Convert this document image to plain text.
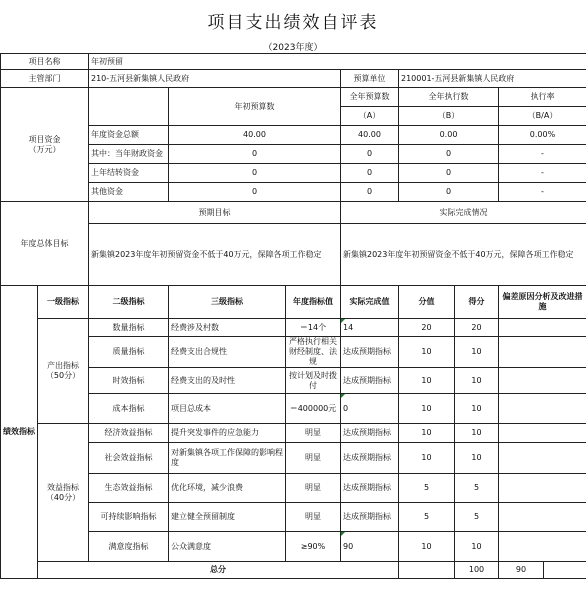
项目支出绩效自评表
（2023年度）
项目名称		年初预留							
主管部门		210-五河县新集镇人民政府			预算单位	210001-五河县新集镇人民政府			
项目资金
（万元）			年初预算数		全年预算数	全年执行数		执行率	
					（A）	（B）		（B/A）	
		年度资金总额	40.00		40.00	0.00		0.00%	
		其中：当年财政资金	0		0	0		-	
		上年结转资金	0		0	0		-	
		其他资金	0		0	0		-	
年度总体目标		预期目标			实际完成情况				
		新集镇2023年度年初预留资金不低于40万元，保障各项工作稳定			新集镇2023年度年初预留资金不低于40万元，保障各项工作稳定				
绩效指标	一级指标	二级指标	三级指标	年度指标值	实际完成值	分值	得分	偏差原因分析及改进措施	
	产出指标（50分）	数量指标	经费涉及村数	＝14个	14	20	20		
		质量指标	经费支出合规性	严格执行相关财经制度、法规	达成预期指标	10	10		
		时效指标	经费支出的及时性	按计划及时拨付	达成预期指标	10	10		
		成本指标	项目总成本	＝400000元	0	10	10		
	效益指标（40分）	经济效益指标	提升突发事件的应急能力	明显	达成预期指标	10	10		
		社会效益指标	对新集镇各项工作保障的影响程度	明显	达成预期指标	10	10		
		生态效益指标	优化环境，减少浪费	明显	达成预期指标	5	5		
		可持续影响指标	建立健全预留制度	明显	达成预期指标	5	5		
		满意度指标	公众满意度	≥90%	90	10	10		
	总分						100	90	
